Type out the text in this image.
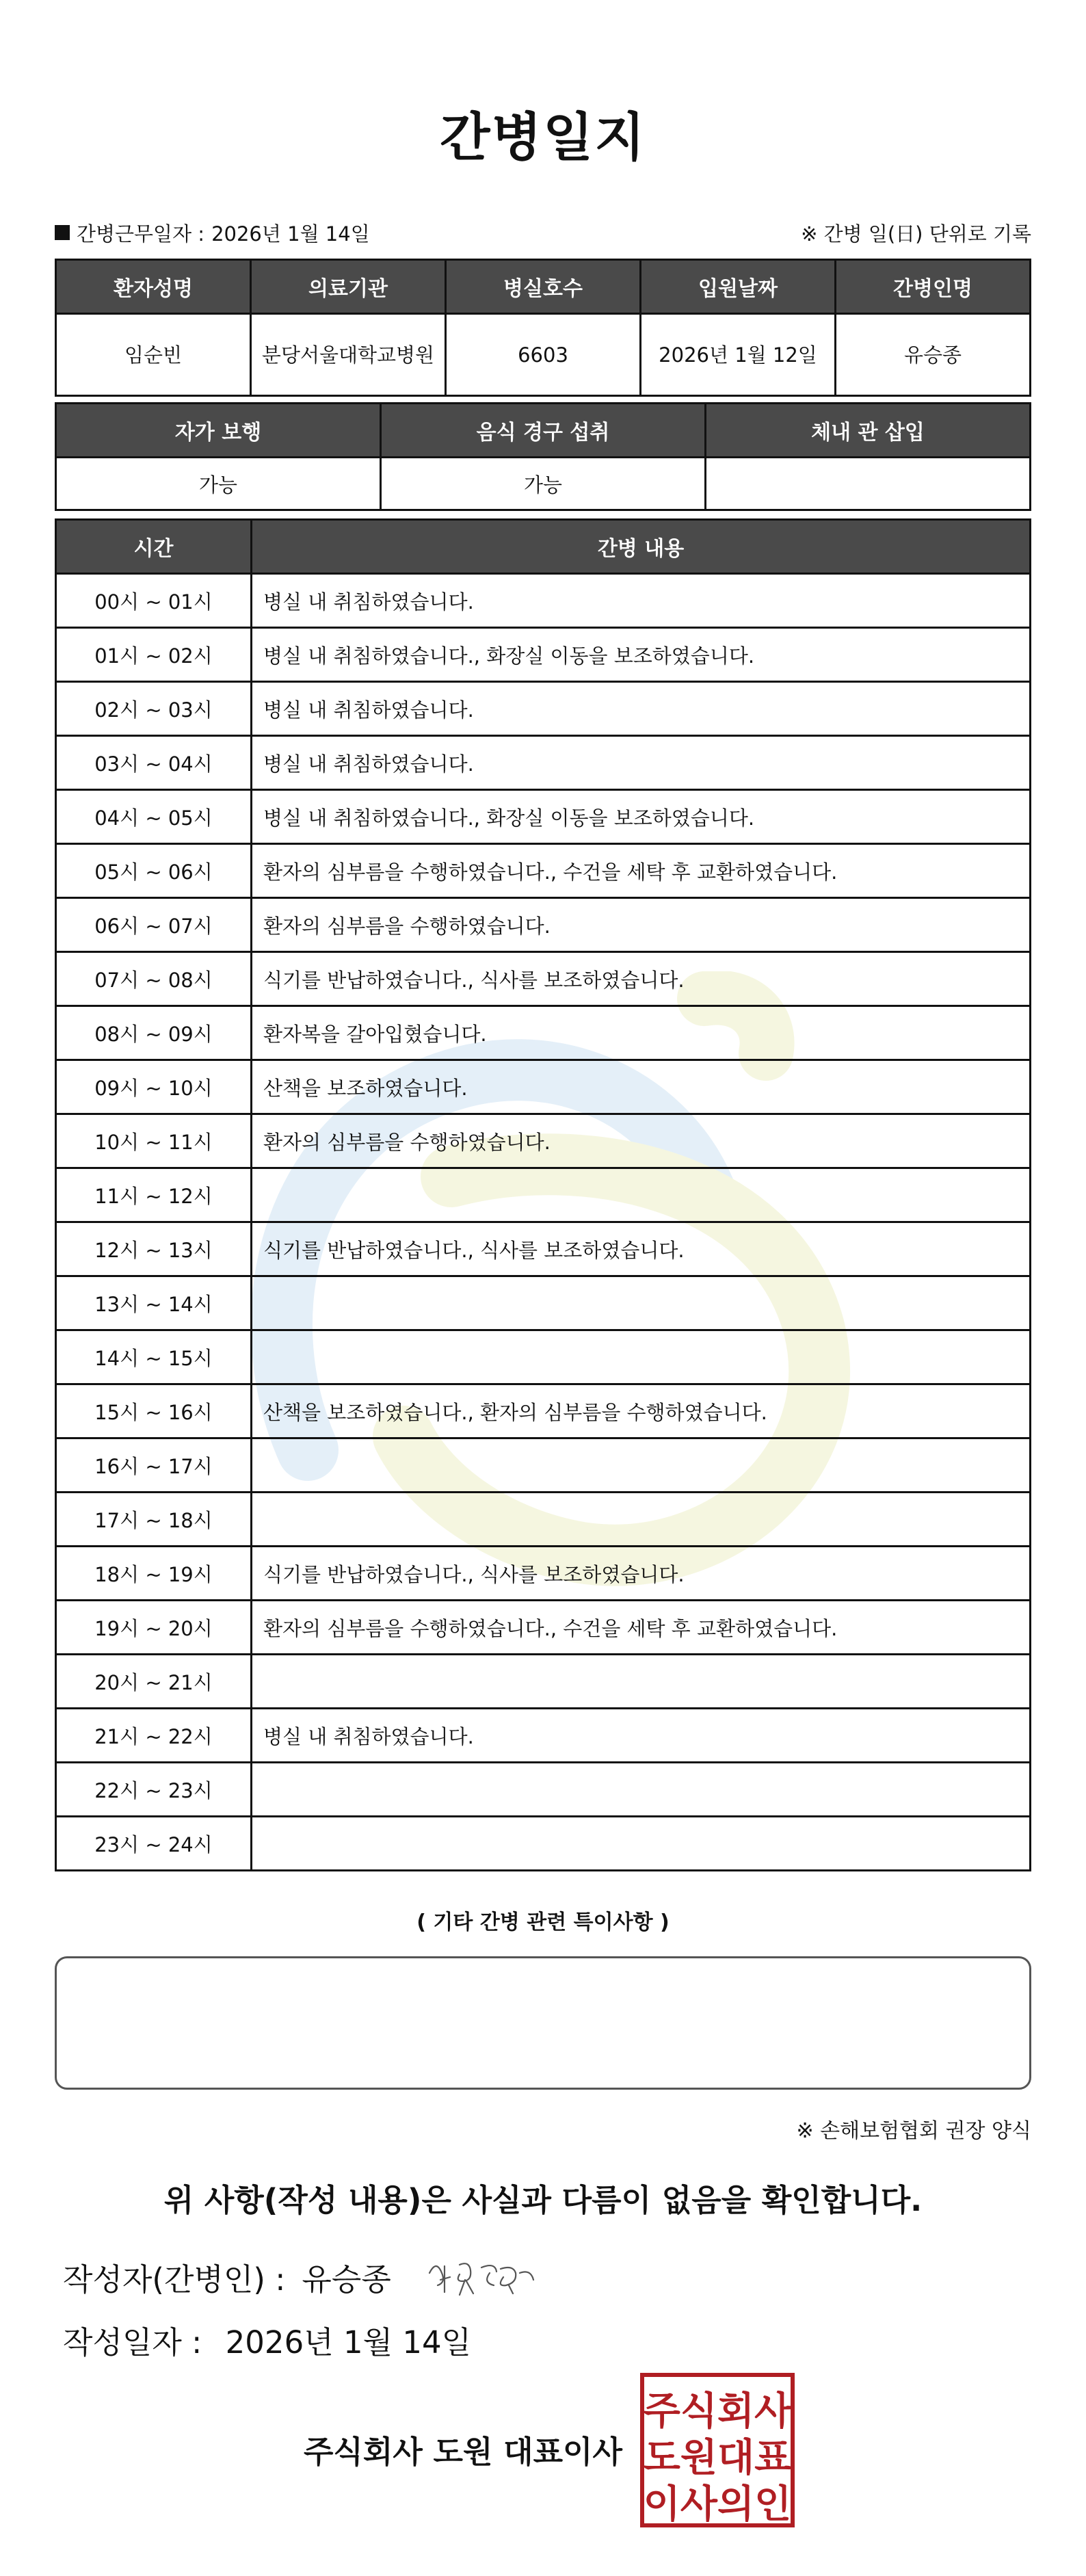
간병일지
간병근무일자 : 2026년 1월 14일	※ 간병 일(日) 단위로 기록
환자성명	의료기관	병실호수	입원날짜	간병인명
임순빈	분당서울대학교병원	6603	2026년 1월 12일	유승종
자가 보행	음식 경구 섭취	체내 관 삽입
가능	가능	
시간	간병 내용
00시 ~ 01시	병실 내 취침하였습니다.
01시 ~ 02시	병실 내 취침하였습니다., 화장실 이동을 보조하였습니다.
02시 ~ 03시	병실 내 취침하였습니다.
03시 ~ 04시	병실 내 취침하였습니다.
04시 ~ 05시	병실 내 취침하였습니다., 화장실 이동을 보조하였습니다.
05시 ~ 06시	환자의 심부름을 수행하였습니다., 수건을 세탁 후 교환하였습니다.
06시 ~ 07시	환자의 심부름을 수행하였습니다.
07시 ~ 08시	식기를 반납하였습니다., 식사를 보조하였습니다.
08시 ~ 09시	환자복을 갈아입혔습니다.
09시 ~ 10시	산책을 보조하였습니다.
10시 ~ 11시	환자의 심부름을 수행하였습니다.
11시 ~ 12시	
12시 ~ 13시	식기를 반납하였습니다., 식사를 보조하였습니다.
13시 ~ 14시	
14시 ~ 15시	
15시 ~ 16시	산책을 보조하였습니다., 환자의 심부름을 수행하였습니다.
16시 ~ 17시	
17시 ~ 18시	
18시 ~ 19시	식기를 반납하였습니다., 식사를 보조하였습니다.
19시 ~ 20시	환자의 심부름을 수행하였습니다., 수건을 세탁 후 교환하였습니다.
20시 ~ 21시	
21시 ~ 22시	병실 내 취침하였습니다.
22시 ~ 23시	
23시 ~ 24시	
( 기타 간병 관련 특이사항 )
※ 손해보험협회 권장 양식
위 사항(작성 내용)은 사실과 다름이 없음을 확인합니다.
작성자(간병인) : 유승종
작성일자 : 2026년 1월 14일
주식회사 도원 대표이사
주식회사
도원대표
이사의인
